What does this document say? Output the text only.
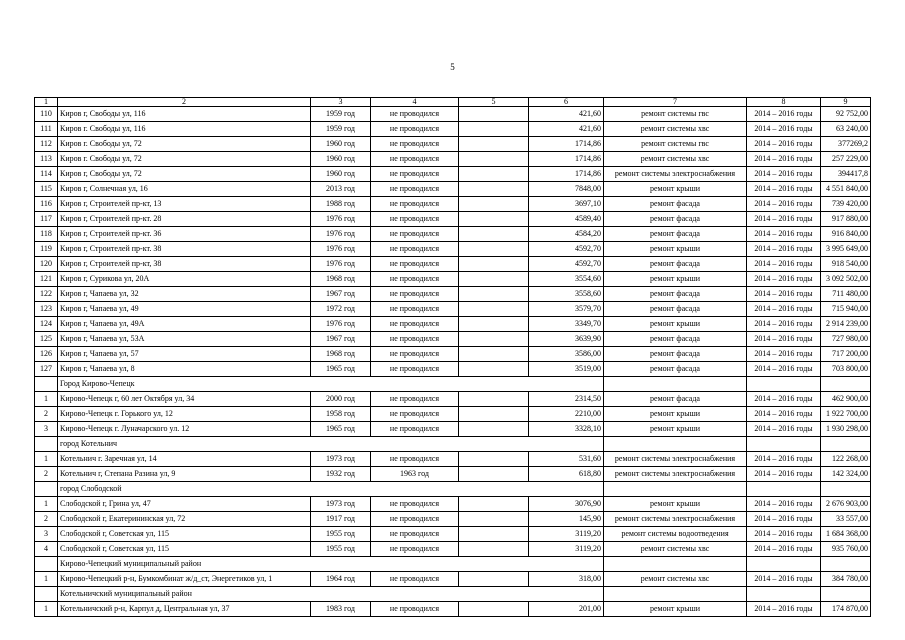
5
1	2	3	4	5	6	7	8	9
110	Киров г, Свободы ул, 116	1959 год	не проводился		421,60	ремонт системы гвс	2014 – 2016 годы	92 752,00
111	Киров г. Свободы ул, 116	1959 год	не проводился		421,60	ремонт системы хвс	2014 – 2016 годы	63 240,00
112	Киров г. Свободы ул, 72	1960 год	не проводился		1714,86	ремонт системы гвс	2014 – 2016 годы	377269,2
113	Киров г. Свободы ул, 72	1960 год	не проводился		1714,86	ремонт системы хвс	2014 – 2016 годы	257 229,00
114	Киров г, Свободы ул, 72	1960 год	не проводился		1714,86	ремонт системы электроснабжения	2014 – 2016 годы	394417,8
115	Киров г, Солнечная ул, 16	2013 год	не проводился		7848,00	ремонт крыши	2014 – 2016 годы	4 551 840,00
116	Киров г, Строителей пр-кт, 13	1988 год	не проводился		3697,10	ремонт фасада	2014 – 2016 годы	739 420,00
117	Киров г, Строителей пр-кт. 28	1976 год	не проводился		4589,40	ремонт фасада	2014 – 2016 годы	917 880,00
118	Киров г, Строителей пр-кт. 36	1976 год	не проводился		4584,20	ремонт фасада	2014 – 2016 годы	916 840,00
119	Киров г, Строителей пр-кт. 38	1976 год	не проводился		4592,70	ремонт крыши	2014 – 2016 годы	3 995 649,00
120	Киров г, Строителей пр-кт, 38	1976 год	не проводился		4592,70	ремонт фасада	2014 – 2016 годы	918 540,00
121	Киров г, Сурикова ул, 20А	1968 год	не проводился		3554,60	ремонт крыши	2014 – 2016 годы	3 092 502,00
122	Киров г, Чапаева ул, 32	1967 год	не проводился		3558,60	ремонт фасада	2014 – 2016 годы	711 480,00
123	Киров г, Чапаева ул, 49	1972 год	не проводился		3579,70	ремонт фасада	2014 – 2016 годы	715 940,00
124	Киров г, Чапаева ул, 49А	1976 год	не проводился		3349,70	ремонт крыши	2014 – 2016 годы	2 914 239,00
125	Киров г, Чапаева ул, 53А	1967 год	не проводился		3639,90	ремонт фасада	2014 – 2016 годы	727 980,00
126	Киров г, Чапаева ул, 57	1968 год	не проводился		3586,00	ремонт фасада	2014 – 2016 годы	717 200,00
127	Киров г, Чапаева ул, 8	1965 год	не проводился		3519,00	ремонт фасада	2014 – 2016 годы	703 800,00
	Город Кирово-Чепецк							
1	Кирово-Чепецк г, 60 лет Октября ул, 34	2000 год	не проводился		2314,50	ремонт фасада	2014 – 2016 годы	462 900,00
2	Кирово-Чепецк г. Горького ул, 12	1958 год	не проводился		2210,00	ремонт крыши	2014 – 2016 годы	1 922 700,00
3	Кирово-Чепецк г. Луначарского ул. 12	1965 год	не проводился		3328,10	ремонт крыши	2014 – 2016 годы	1 930 298,00
	город Котельнич							
1	Котельнич г. Заречная ул, 14	1973 год	не проводился		531,60	ремонт системы электроснабжения	2014 – 2016 годы	122 268,00
2	Котельнич г, Степана Разина ул, 9	1932 год	1963 год		618,80	ремонт системы электроснабжения	2014 – 2016 годы	142 324,00
	город Слободской							
1	Слободской г, Грина ул, 47	1973 год	не проводился		3076,90	ремонт крыши	2014 – 2016 годы	2 676 903,00
2	Слободской г, Екатерининская ул, 72	1917 год	не проводился		145,90	ремонт системы электроснабжения	2014 – 2016 годы	33 557,00
3	Слободской г, Советская ул, 115	1955 год	не проводился		3119,20	ремонт системы водоотведения	2014 – 2016 годы	1 684 368,00
4	Слободской г, Советская ул, 115	1955 год	не проводился		3119,20	ремонт системы хвс	2014 – 2016 годы	935 760,00
	Кирово-Чепецкий муниципальный район							
1	Кирово-Чепецкий р-н, Бумкомбинат ж/д_ст, Энергетиков ул, 1	1964 год	не проводился		318,00	ремонт системы хвс	2014 – 2016 годы	384 780,00
	Котельничский муниципальный район							
1	Котельничский р-н, Карпул д, Центральная ул, 37	1983 год	не проводился		201,00	ремонт крыши	2014 – 2016 годы	174 870,00
